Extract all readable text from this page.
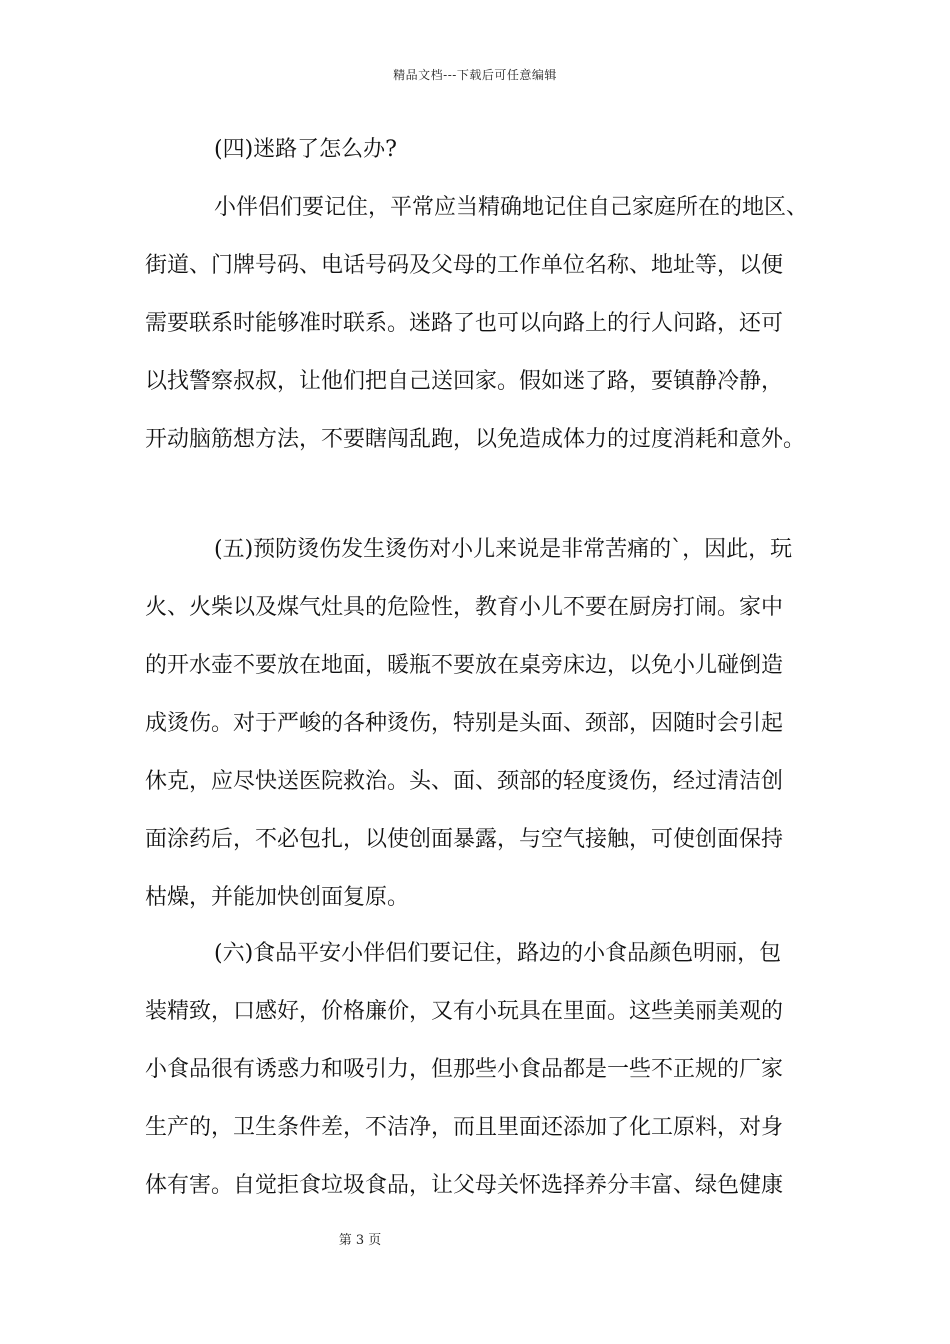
精品文档---下载后可任意编辑
(四)迷路了怎么办?
小伴侣们要记住，平常应当精确地记住自己家庭所在的地区、
街道、门牌号码、电话号码及父母的工作单位名称、地址等，以便
需要联系时能够准时联系。迷路了也可以向路上的行人问路，还可
以找警察叔叔，让他们把自己送回家。假如迷了路，要镇静冷静，
开动脑筋想方法，不要瞎闯乱跑，以免造成体力的过度消耗和意外。
(五)预防烫伤发生烫伤对小儿来说是非常苦痛的`，因此，玩
火、火柴以及煤气灶具的危险性，教育小儿不要在厨房打闹。家中
的开水壶不要放在地面，暖瓶不要放在桌旁床边，以免小儿碰倒造
成烫伤。对于严峻的各种烫伤，特别是头面、颈部，因随时会引起
休克，应尽快送医院救治。头、面、颈部的轻度烫伤，经过清洁创
面涂药后，不必包扎，以使创面暴露，与空气接触，可使创面保持
枯燥，并能加快创面复原。
(六)食品平安小伴侣们要记住，路边的小食品颜色明丽，包
装精致，口感好，价格廉价，又有小玩具在里面。这些美丽美观的
小食品很有诱惑力和吸引力，但那些小食品都是一些不正规的厂家
生产的，卫生条件差，不洁净，而且里面还添加了化工原料，对身
体有害。自觉拒食垃圾食品，让父母关怀选择养分丰富、绿色健康
第 3 页
